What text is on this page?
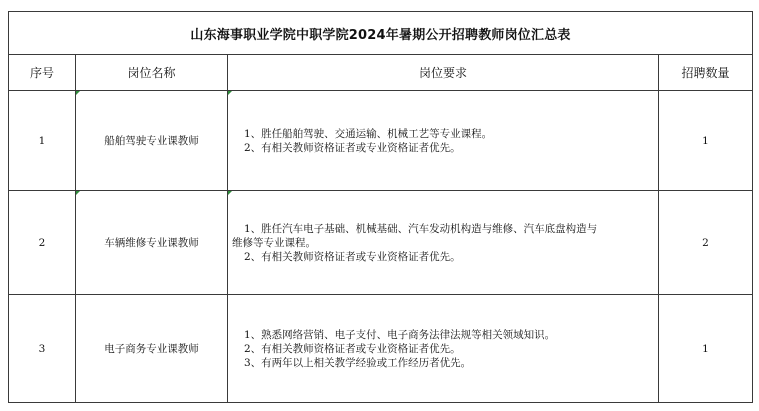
山东海事职业学院中职学院2024年暑期公开招聘教师岗位汇总表			
序号	岗位名称	岗位要求	招聘数量
1	船舶驾驶专业课教师	1、胜任船舶驾驶、交通运输、机械工艺等专业课程。
2、有相关教师资格证者或专业资格证者优先。	1
2	车辆维修专业课教师	1、胜任汽车电子基础、机械基础、汽车发动机构造与维修、汽车底盘构造与
维修等专业课程。
2、有相关教师资格证者或专业资格证者优先。	2
3	电子商务专业课教师	1、熟悉网络营销、电子支付、电子商务法律法规等相关领域知识。
2、有相关教师资格证者或专业资格证者优先。
3、有两年以上相关教学经验或工作经历者优先。	1
